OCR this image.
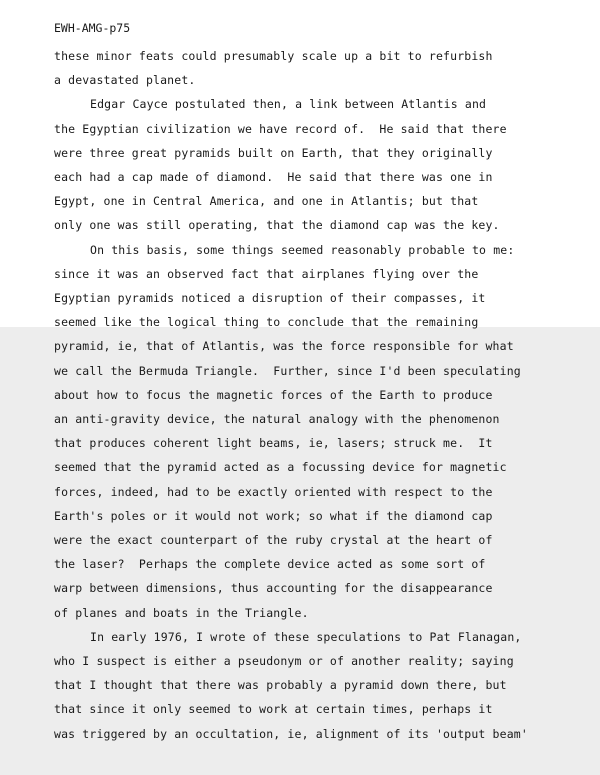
EWH-AMG-p75
these minor feats could presumably scale up a bit to refurbish
a devastated planet.
Edgar Cayce postulated then, a link between Atlantis and
the Egyptian civilization we have record of.  He said that there
were three great pyramids built on Earth, that they originally
each had a cap made of diamond.  He said that there was one in
Egypt, one in Central America, and one in Atlantis; but that
only one was still operating, that the diamond cap was the key.
On this basis, some things seemed reasonably probable to me:
since it was an observed fact that airplanes flying over the
Egyptian pyramids noticed a disruption of their compasses, it
seemed like the logical thing to conclude that the remaining
pyramid, ie, that of Atlantis, was the force responsible for what
we call the Bermuda Triangle.  Further, since I'd been speculating
about how to focus the magnetic forces of the Earth to produce
an anti-gravity device, the natural analogy with the phenomenon
that produces coherent light beams, ie, lasers; struck me.  It
seemed that the pyramid acted as a focussing device for magnetic
forces, indeed, had to be exactly oriented with respect to the
Earth's poles or it would not work; so what if the diamond cap
were the exact counterpart of the ruby crystal at the heart of
the laser?  Perhaps the complete device acted as some sort of
warp between dimensions, thus accounting for the disappearance
of planes and boats in the Triangle.
In early 1976, I wrote of these speculations to Pat Flanagan,
who I suspect is either a pseudonym or of another reality; saying
that I thought that there was probably a pyramid down there, but
that since it only seemed to work at certain times, perhaps it
was triggered by an occultation, ie, alignment of its 'output beam'
